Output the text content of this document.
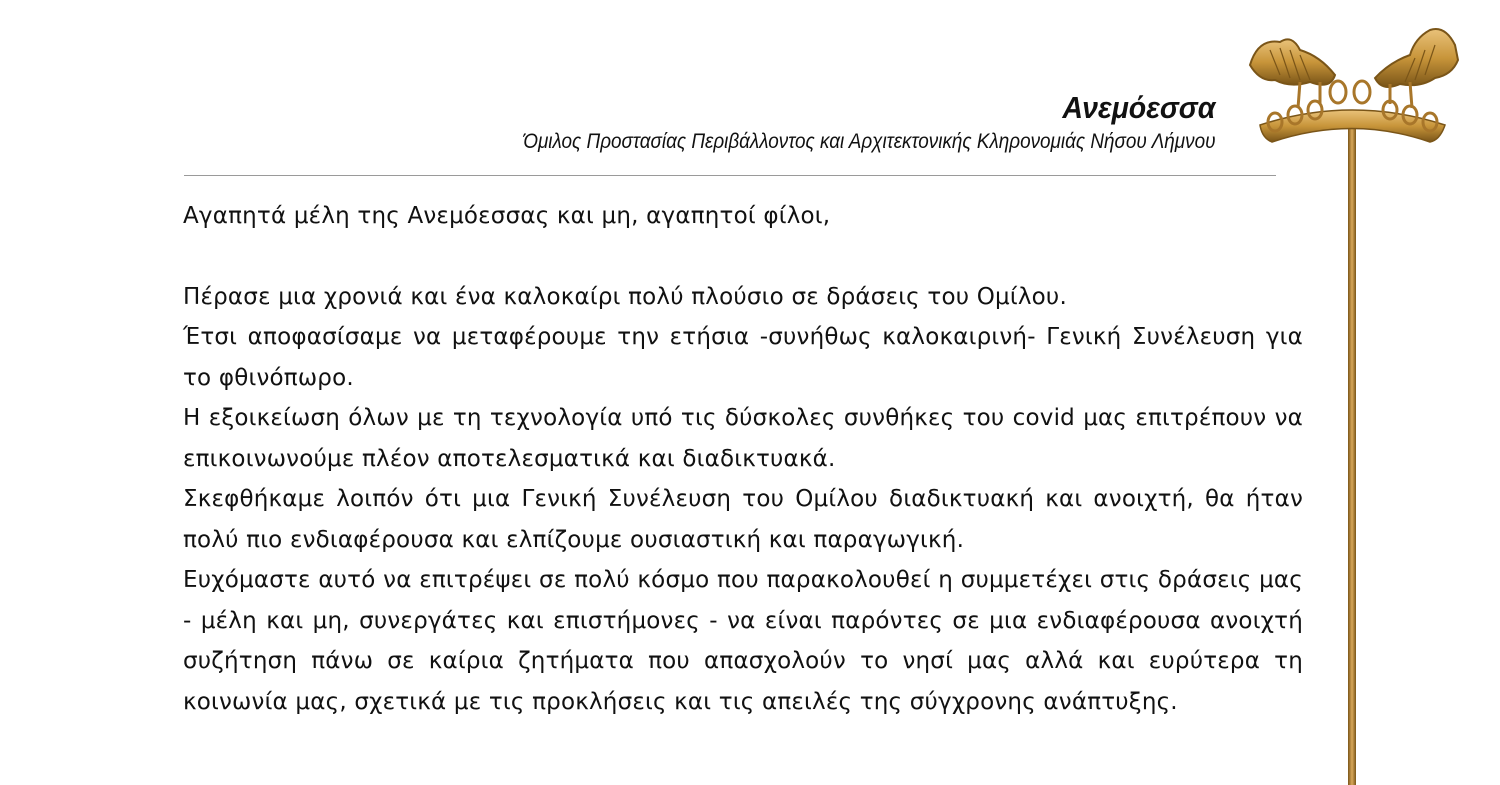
Ανεμόεσσα
Όμιλος Προστασίας Περιβάλλοντος και Αρχιτεκτονικής Κληρονομιάς Νήσου Λήμνου

Αγαπητά μέλη της Ανεμόεσσας και μη, αγαπητοί φίλοι,

Πέρασε μια χρονιά και ένα καλοκαίρι πολύ πλούσιο σε δράσεις του Ομίλου.

Έτσι αποφασίσαμε να μεταφέρουμε την ετήσια -συνήθως καλοκαιρινή- Γενική Συνέλευση για το φθινόπωρο.

Η εξοικείωση όλων με τη τεχνολογία υπό τις δύσκολες συνθήκες του covid μας επιτρέπουν να επικοινωνούμε πλέον αποτελεσματικά και διαδικτυακά.

Σκεφθήκαμε λοιπόν ότι μια Γενική Συνέλευση του Ομίλου διαδικτυακή και ανοιχτή, θα ήταν πολύ πιο ενδιαφέρουσα και ελπίζουμε ουσιαστική και παραγωγική.

Ευχόμαστε αυτό να επιτρέψει σε πολύ κόσμο που παρακολουθεί η συμμετέχει στις δράσεις μας - μέλη και μη, συνεργάτες και επιστήμονες - να είναι παρόντες σε μια ενδιαφέρουσα ανοιχτή συζήτηση πάνω σε καίρια ζητήματα που απασχολούν το νησί μας αλλά και ευρύτερα τη κοινωνία μας, σχετικά με τις προκλήσεις και τις απειλές της σύγχρονης ανάπτυξης.
